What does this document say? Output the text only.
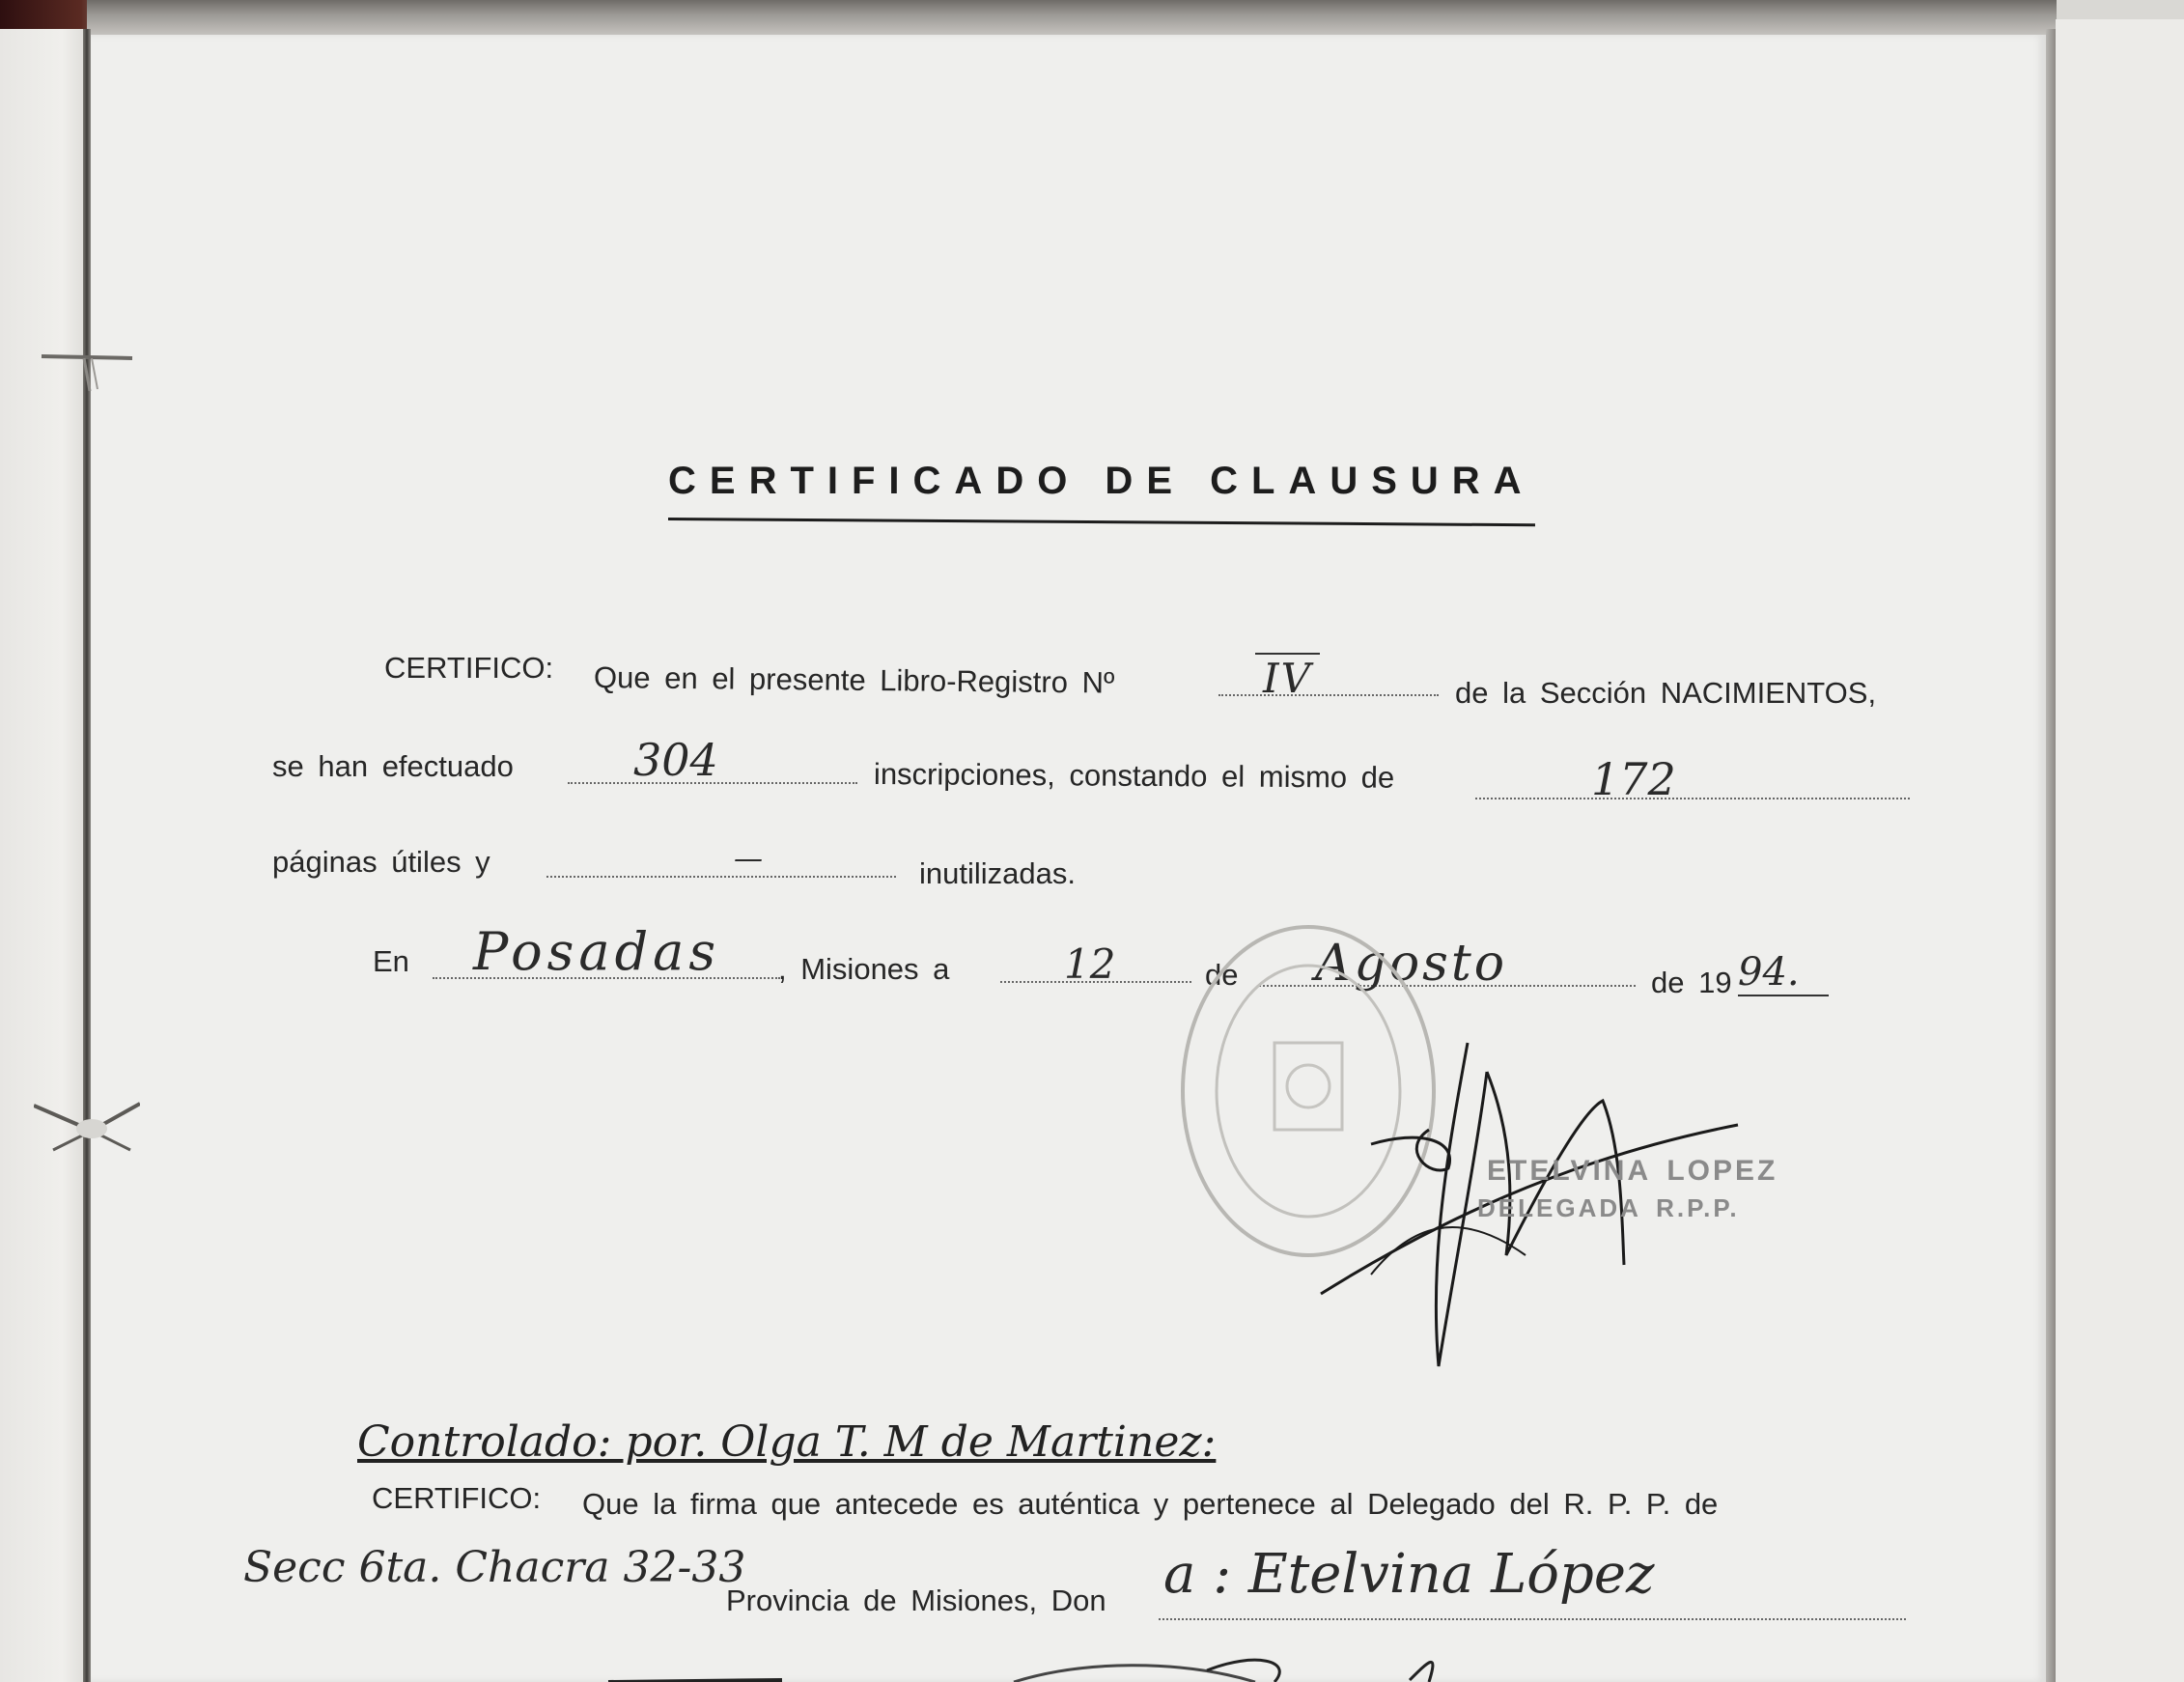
CERTIFICADO DE CLAUSURA
CERTIFICO: Que en el presente Libro-Registro Nº	IV	de la Sección NACIMIENTOS,
se han efectuado	304	inscripciones, constando el mismo de	172
páginas útiles y	—	inutilizadas.
En Posadas , Misiones a	12	de Agosto	de 19 94.
ETELVINA LOPEZ
DELEGADA R.P.P.
Controlado: por. Olga T. M de Martinez:
CERTIFICO: Que la firma que antecede es auténtica y pertenece al Delegado del R. P. P. de
Secc 6ta. Chacra 32-33
Provincia de Misiones, Don a : Etelvina López
